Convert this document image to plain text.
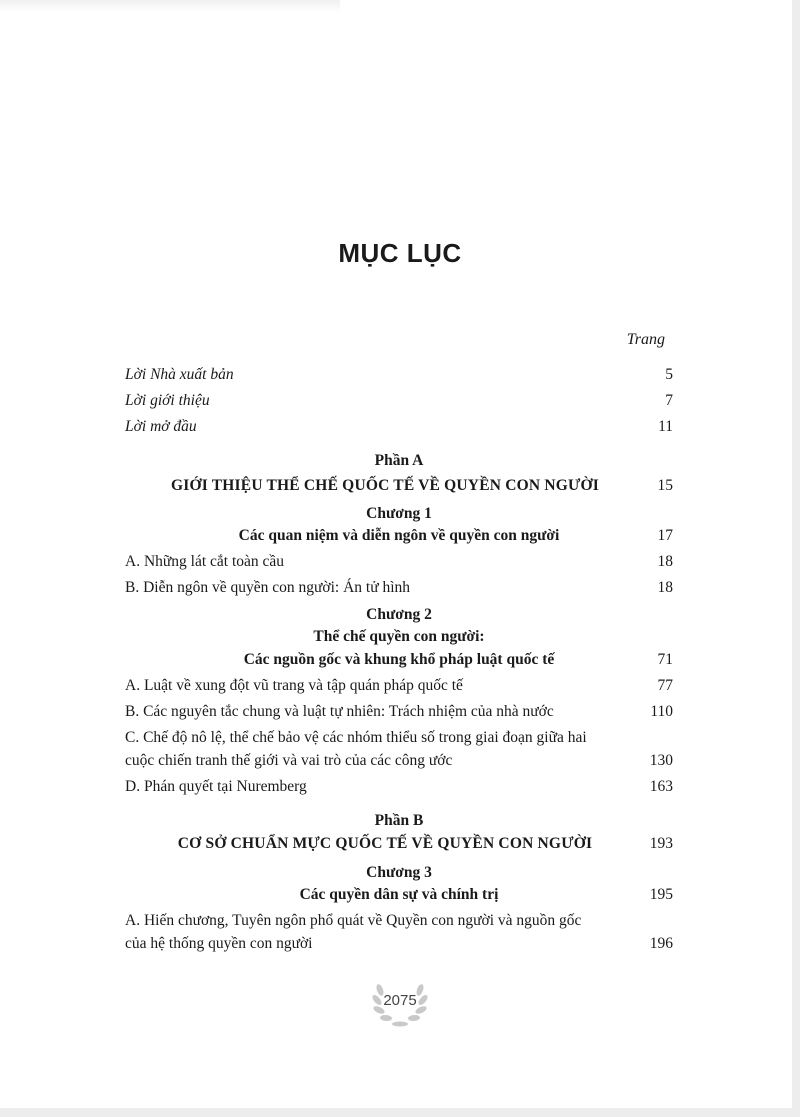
MỤC LỤC
Trang
Lời Nhà xuất bản	5
Lời giới thiệu	7
Lời mở đầu	11
Phần A
GIỚI THIỆU THỂ CHẾ QUỐC TẾ VỀ QUYỀN CON NGƯỜI	15
Chương 1
Các quan niệm và diễn ngôn về quyền con người	17
A. Những lát cắt toàn cầu	18
B. Diễn ngôn về quyền con người: Án tử hình	18
Chương 2
Thể chế quyền con người:
Các nguồn gốc và khung khổ pháp luật quốc tế	71
A. Luật về xung đột vũ trang và tập quán pháp quốc tế	77
B. Các nguyên tắc chung và luật tự nhiên: Trách nhiệm của nhà nước	110
C. Chế độ nô lệ, thể chế bảo vệ các nhóm thiểu số trong giai đoạn giữa hai
cuộc chiến tranh thế giới và vai trò của các công ước	130
D. Phán quyết tại Nuremberg	163
Phần B
CƠ SỞ CHUẨN MỰC QUỐC TẾ VỀ QUYỀN CON NGƯỜI	193
Chương 3
Các quyền dân sự và chính trị	195
A. Hiến chương, Tuyên ngôn phổ quát về Quyền con người và nguồn gốc
của hệ thống quyền con người	196
2075
